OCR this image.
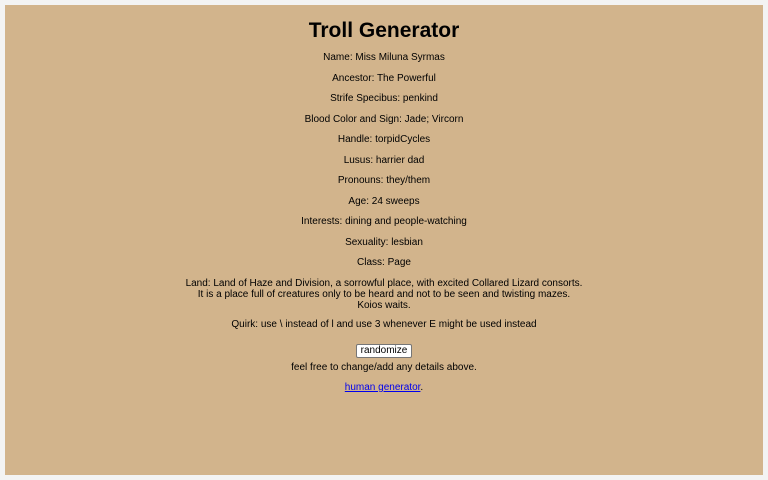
Troll Generator
Name: Miss Miluna Syrmas
Ancestor: The Powerful
Strife Specibus: penkind
Blood Color and Sign: Jade; Vircorn
Handle: torpidCycles
Lusus: harrier dad
Pronouns: they/them
Age: 24 sweeps
Interests: dining and people-watching
Sexuality: lesbian
Class: Page
Land: Land of Haze and Division, a sorrowful place, with excited Collared Lizard consorts. It is a place full of creatures only to be heard and not to be seen and twisting mazes. Koios waits.
Quirk: use \ instead of l and use 3 whenever E might be used instead
randomize
feel free to change/add any details above.
human generator.
